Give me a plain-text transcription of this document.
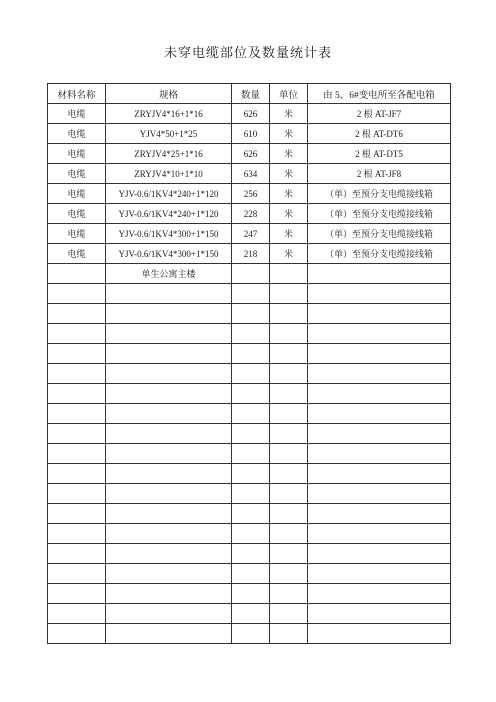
未穿电缆部位及数量统计表
材料名称	规格	数量	单位	由 5、6#变电所至各配电箱
电缆	ZRYJV4*16+1*16	626	米	2 根 AT-JF7
电缆	YJV4*50+1*25	610	米	2 根 AT-DT6
电缆	ZRYJV4*25+1*16	626	米	2 根 AT-DT5
电缆	ZRYJV4*10+1*10	634	米	2 根 AT-JF8
电缆	YJV-0.6/1KV4*240+1*120	256	米	（单）至预分支电缆接线箱
电缆	YJV-0.6/1KV4*240+1*120	228	米	（单）至预分支电缆接线箱
电缆	YJV-0.6/1KV4*300+1*150	247	米	（单）至预分支电缆接线箱
电缆	YJV-0.6/1KV4*300+1*150	218	米	（单）至预分支电缆接线箱
	单生公寓主楼			
